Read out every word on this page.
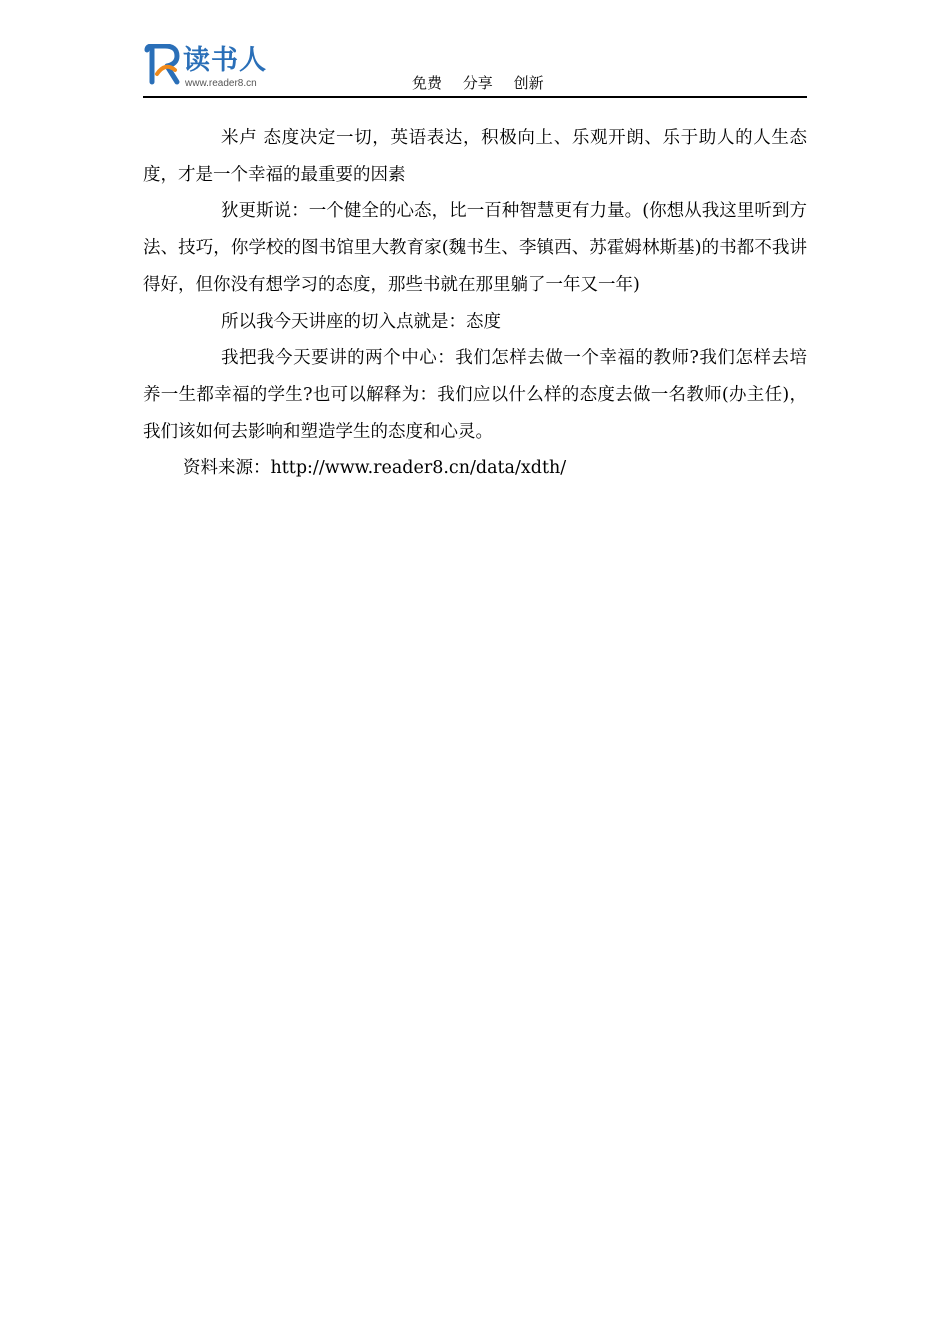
读书人
www.reader8.cn	免费 分享 创新

米卢 态度决定一切，英语表达，积极向上、乐观开朗、乐于助人的人生态度，才是一个幸福的最重要的因素

狄更斯说：一个健全的心态，比一百种智慧更有力量。(你想从我这里听到方法、技巧，你学校的图书馆里大教育家(魏书生、李镇西、苏霍姆林斯基)的书都不我讲得好，但你没有想学习的态度，那些书就在那里躺了一年又一年)

所以我今天讲座的切入点就是：态度

我把我今天要讲的两个中心：我们怎样去做一个幸福的教师?我们怎样去培养一生都幸福的学生?也可以解释为：我们应以什么样的态度去做一名教师(办主任)，我们该如何去影响和塑造学生的态度和心灵。

资料来源：http://www.reader8.cn/data/xdth/
